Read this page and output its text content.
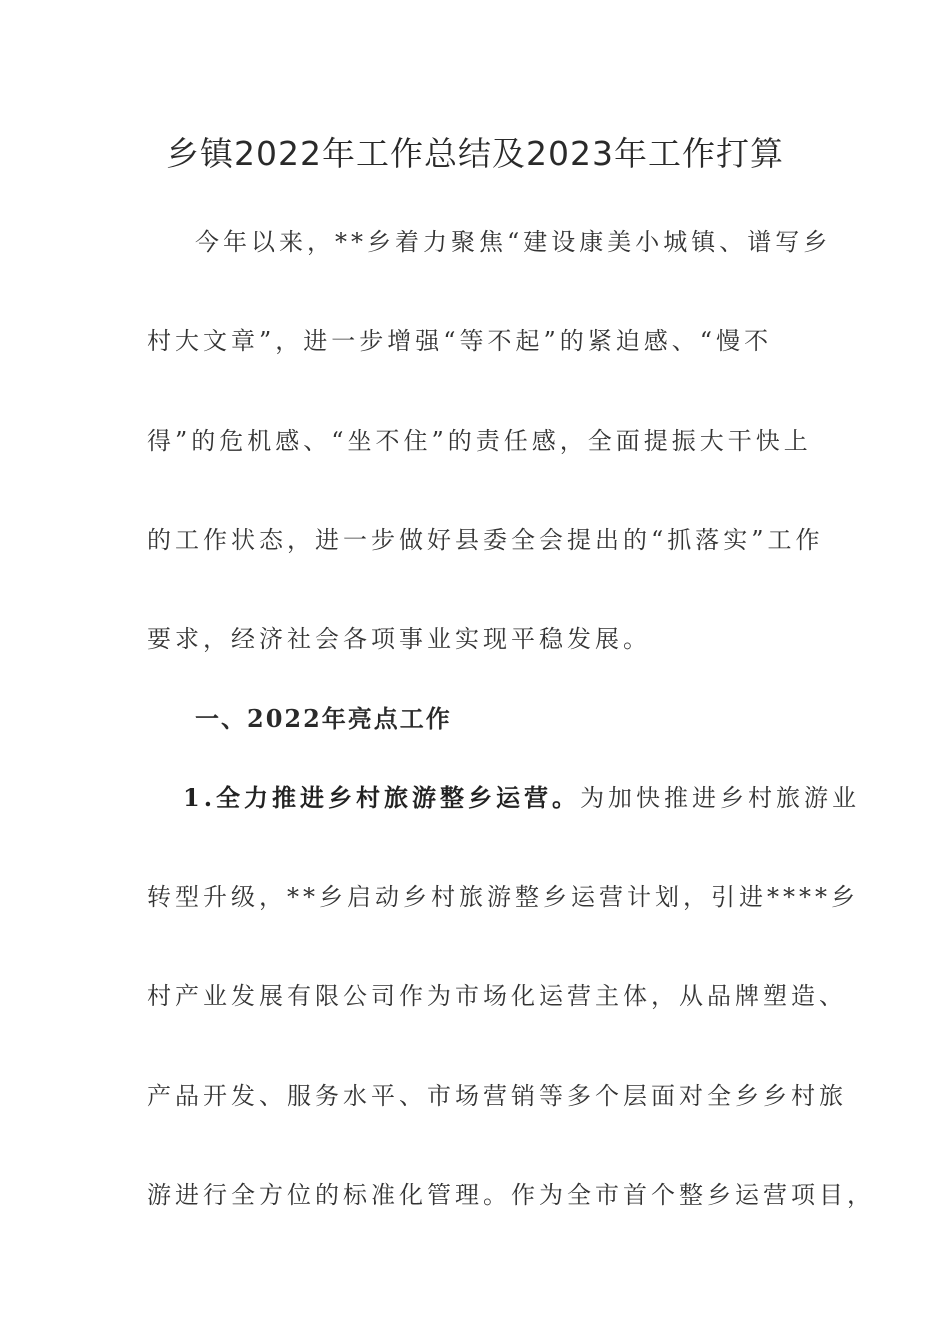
乡镇2022年工作总结及2023年工作打算
今年以来，**乡着力聚焦“建设康美小城镇、谱写乡
村大文章”，进一步增强“等不起”的紧迫感、“慢不
得”的危机感、“坐不住”的责任感，全面提振大干快上
的工作状态，进一步做好县委全会提出的“抓落实”工作
要求，经济社会各项事业实现平稳发展。
一、2022年亮点工作
1.全力推进乡村旅游整乡运营。为加快推进乡村旅游业
转型升级，**乡启动乡村旅游整乡运营计划，引进****乡
村产业发展有限公司作为市场化运营主体，从品牌塑造、
产品开发、服务水平、市场营销等多个层面对全乡乡村旅
游进行全方位的标准化管理。作为全市首个整乡运营项目，
